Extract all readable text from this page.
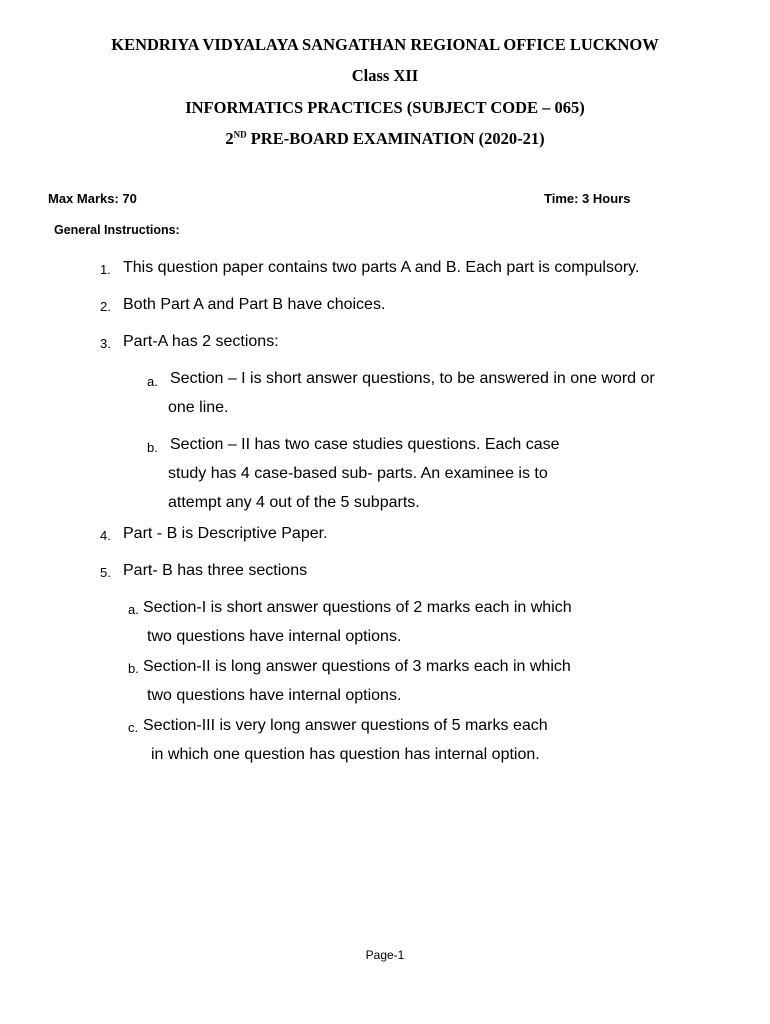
KENDRIYA VIDYALAYA SANGATHAN REGIONAL OFFICE LUCKNOW
Class XII
INFORMATICS PRACTICES (SUBJECT CODE – 065)
2ND PRE-BOARD EXAMINATION (2020-21)
Max Marks: 70	Time: 3 Hours
General Instructions:
1. This question paper contains two parts A and B. Each part is compulsory.
2. Both Part A and Part B have choices.
3. Part-A has 2 sections:
a. Section – I is short answer questions, to be answered in one word or
one line.
b. Section – II has two case studies questions. Each case
study has 4 case-based sub- parts. An examinee is to
attempt any 4 out of the 5 subparts.
4. Part - B is Descriptive Paper.
5. Part- B has three sections
a. Section-I is short answer questions of 2 marks each in which
two questions have internal options.
b. Section-II is long answer questions of 3 marks each in which
two questions have internal options.
c. Section-III is very long answer questions of 5 marks each
in which one question has question has internal option.
Page-1
